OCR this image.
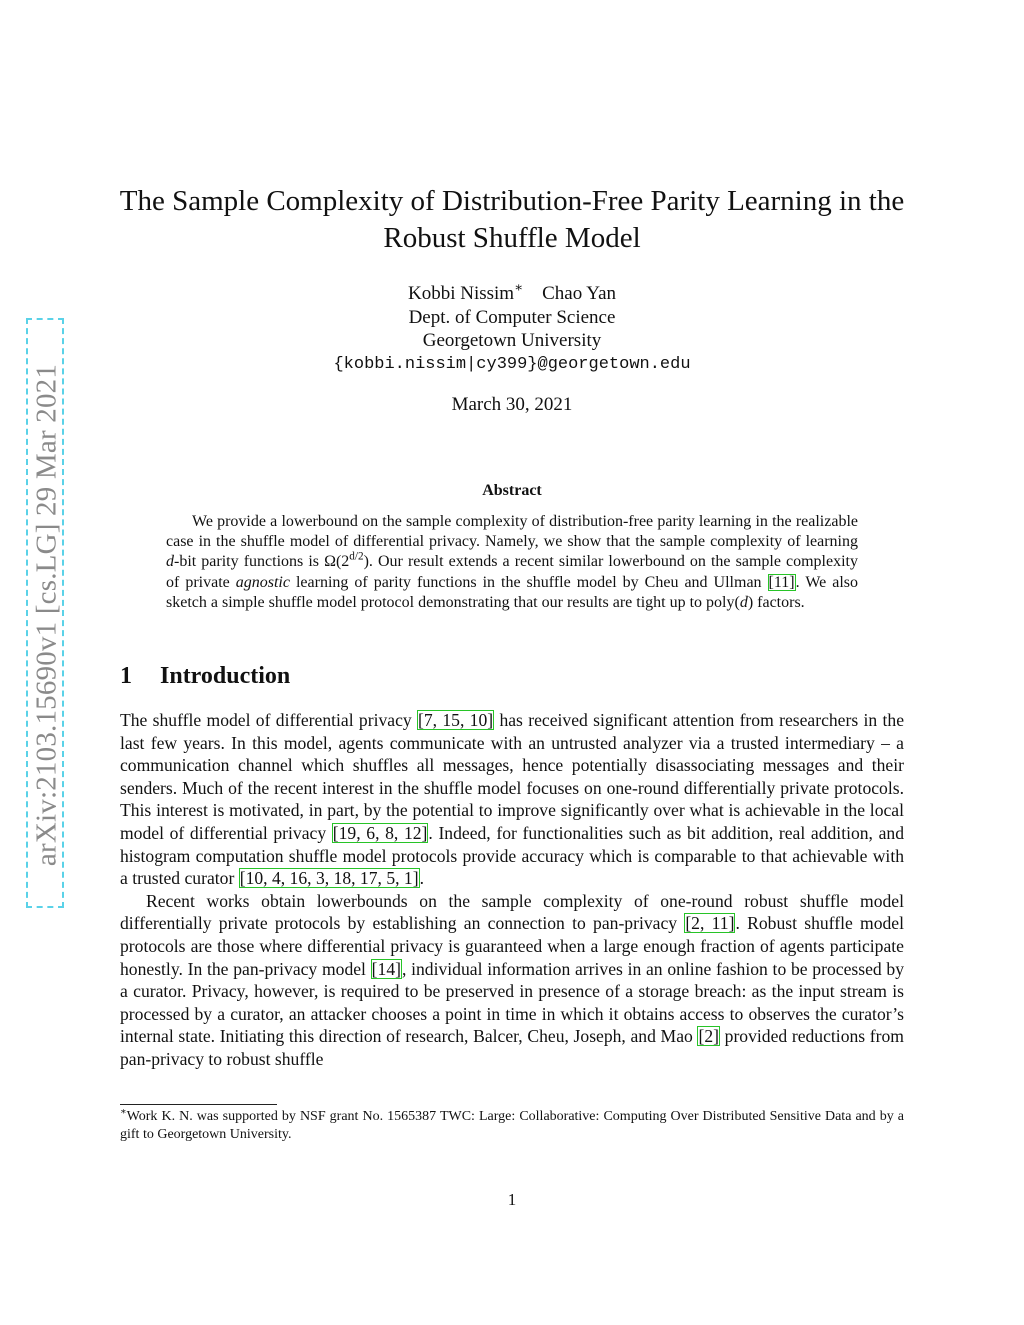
arXiv:2103.15690v1 [cs.LG] 29 Mar 2021
The Sample Complexity of Distribution-Free Parity Learning in the
Robust Shuffle Model
Kobbi Nissim∗ Chao Yan
Dept. of Computer Science
Georgetown University
{kobbi.nissim|cy399}@georgetown.edu
March 30, 2021
Abstract
We provide a lowerbound on the sample complexity of distribution-free parity learning in the realizable case in the shuffle model of differential privacy. Namely, we show that the sample complexity of learning d-bit parity functions is $\Omega(2^{d/2})$. Our result extends a recent similar lowerbound on the sample complexity of private agnostic learning of parity functions in the shuffle model by Cheu and Ullman [11]. We also sketch a simple shuffle model protocol demonstrating that our results are tight up to poly(d) factors.
1 Introduction

The shuffle model of differential privacy [7, 15, 10] has received significant attention from researchers in the last few years. In this model, agents communicate with an untrusted analyzer via a trusted intermediary – a communication channel which shuffles all messages, hence potentially disassociating messages and their senders. Much of the recent interest in the shuffle model focuses on one-round differentially private protocols. This interest is motivated, in part, by the potential to improve significantly over what is achievable in the local model of differential privacy [19, 6, 8, 12]. Indeed, for functionalities such as bit addition, real addition, and histogram computation shuffle model protocols provide accuracy which is comparable to that achievable with a trusted curator [10, 4, 16, 3, 18, 17, 5, 1].

Recent works obtain lowerbounds on the sample complexity of one-round robust shuffle model differentially private protocols by establishing an connection to pan-privacy [2, 11]. Robust shuffle model protocols are those where differential privacy is guaranteed when a large enough fraction of agents participate honestly. In the pan-privacy model [14], individual information arrives in an online fashion to be processed by a curator. Privacy, however, is required to be preserved in presence of a storage breach: as the input stream is processed by a curator, an attacker chooses a point in time in which it obtains access to observes the curator’s internal state. Initiating this direction of research, Balcer, Cheu, Joseph, and Mao [2] provided reductions from pan-privacy to robust shuffle

∗Work K. N. was supported by NSF grant No. 1565387 TWC: Large: Collaborative: Computing Over Distributed Sensitive Data and by a gift to Georgetown University.
1
